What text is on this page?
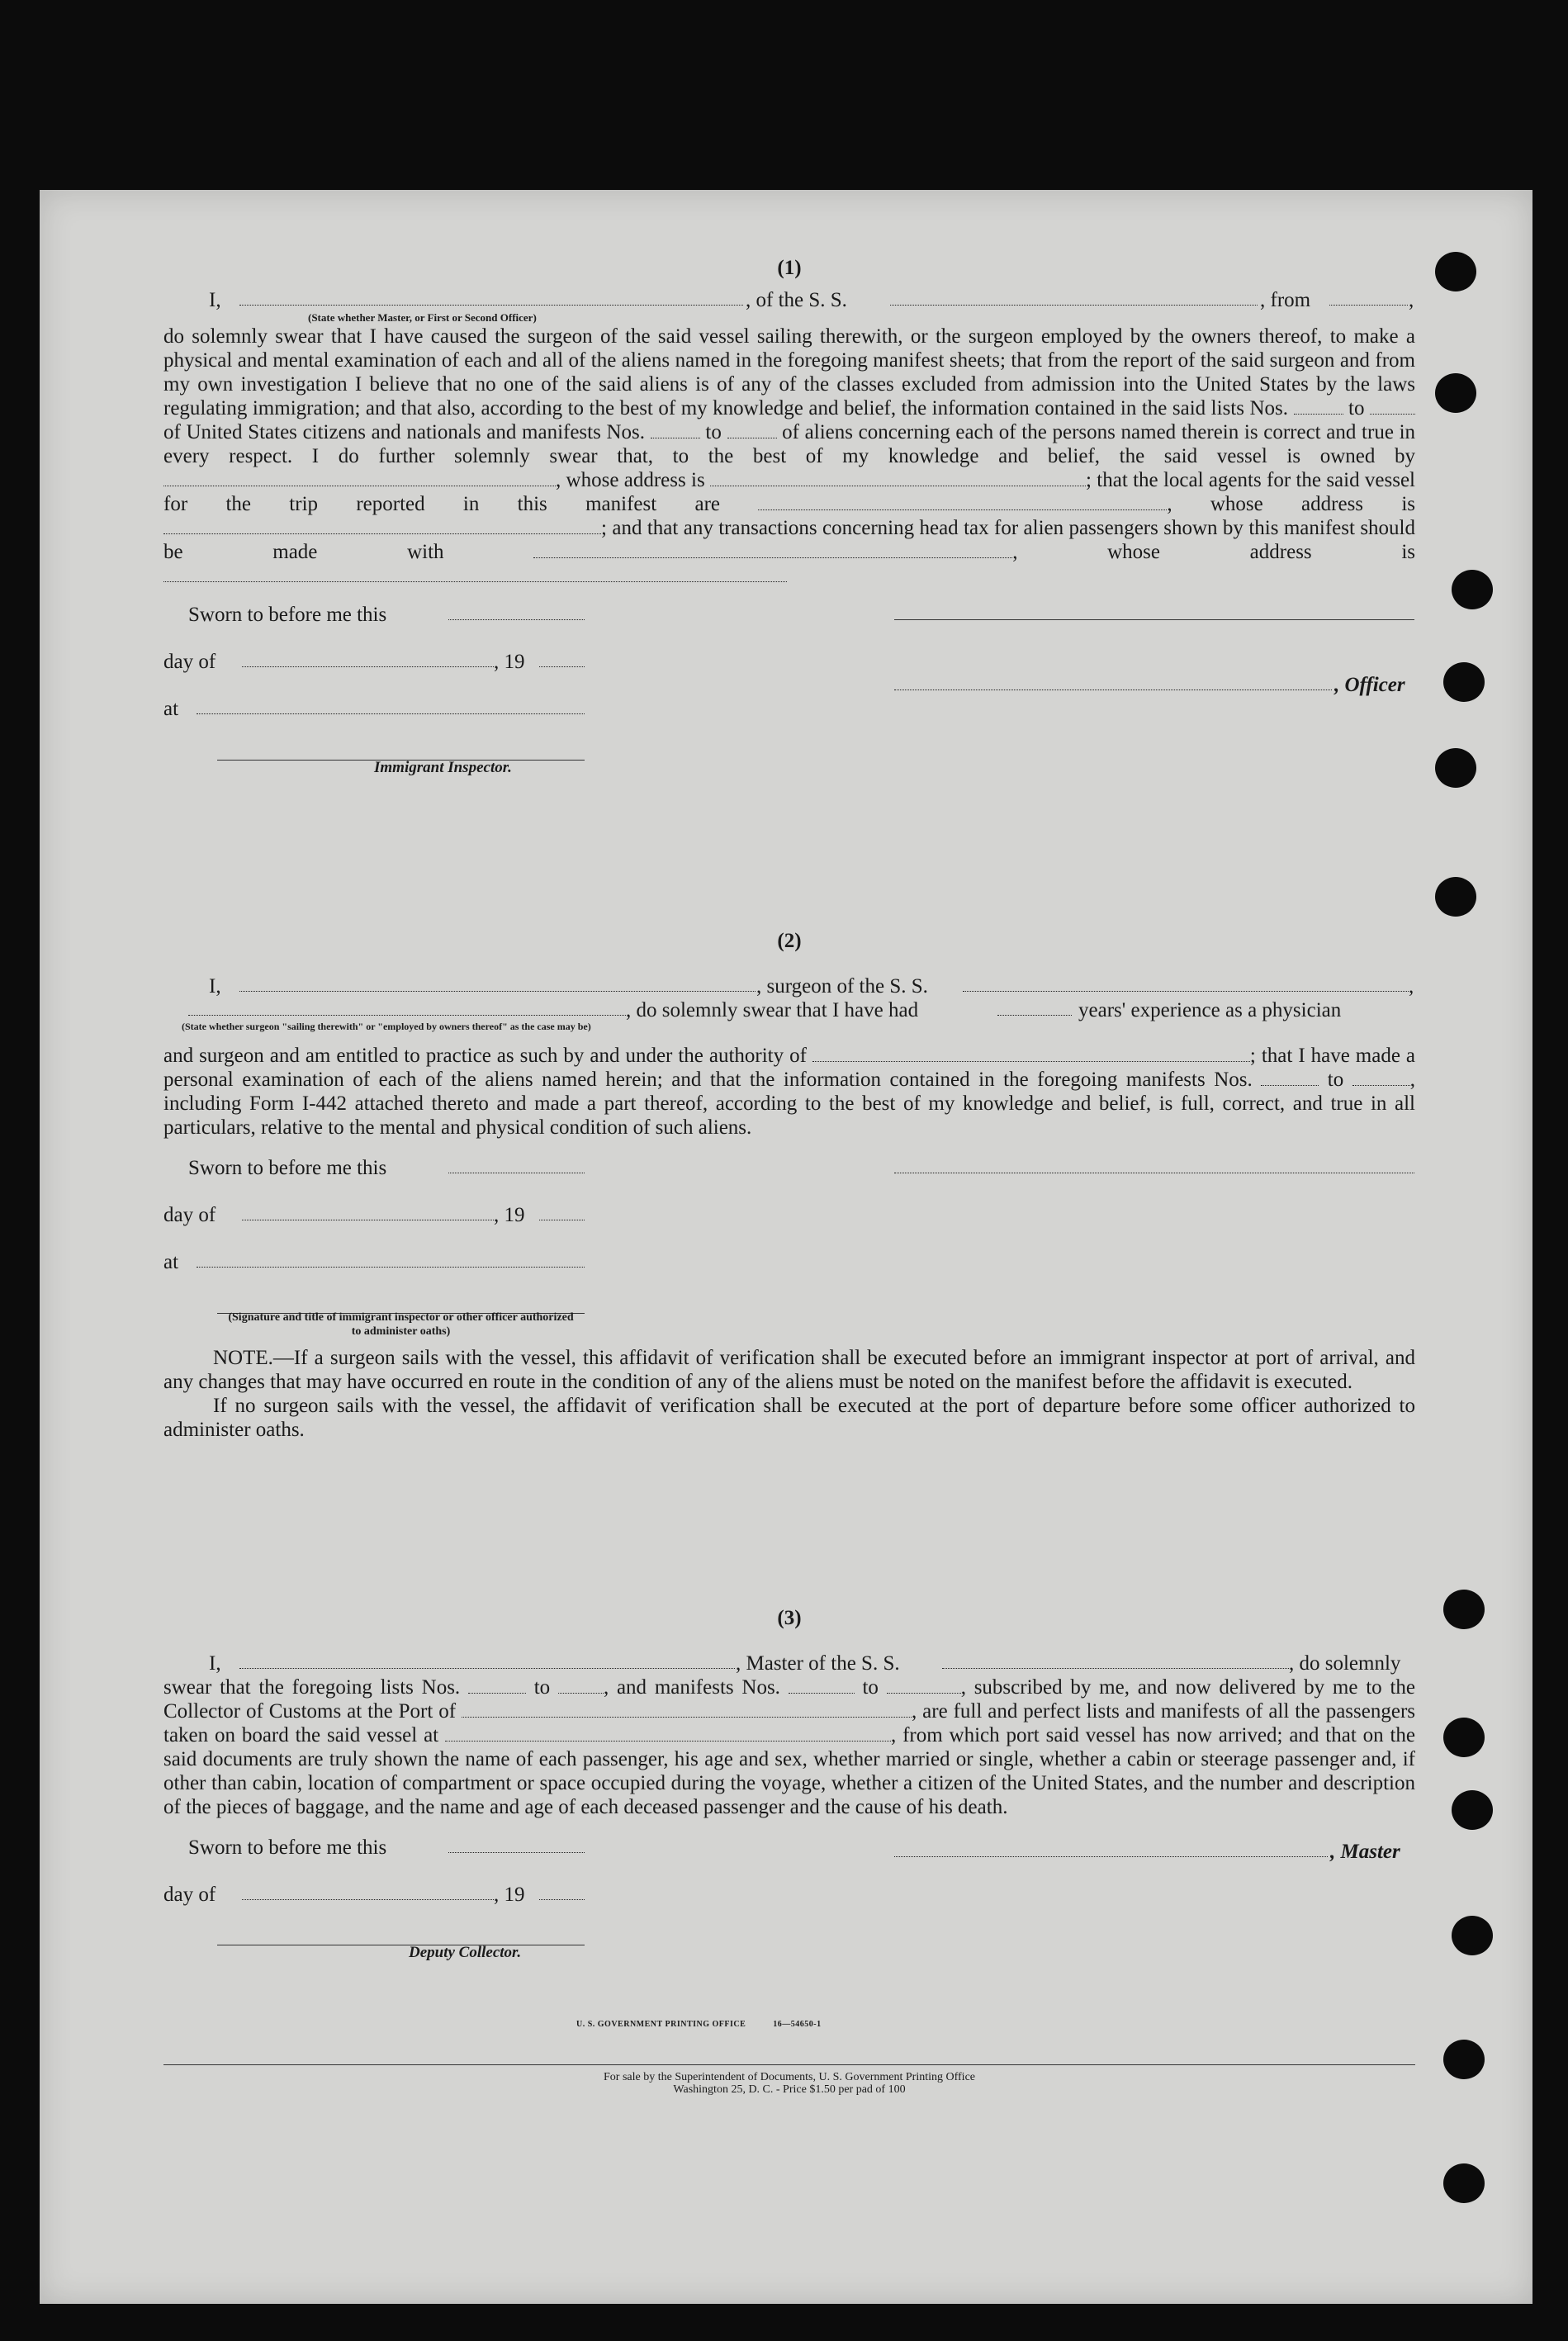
(1)

I,	, of the S. S.	, from	,
(State whether Master, or First or Second Officer)

do solemnly swear that I have caused the surgeon of the said vessel sailing therewith, or the surgeon employed by the owners thereof, to make a physical and mental examination of each and all of the aliens named in the foregoing manifest sheets; that from the report of the said surgeon and from my own investigation I believe that no one of the said aliens is of any of the classes excluded from admission into the United States by the laws regulating immigration; and that also, according to the best of my knowledge and belief, the information contained in the said lists Nos.	to  of United States citizens and nationals and manifests Nos.	to	of aliens concerning each of the persons named therein is correct and true in every respect. I do further solemnly swear that, to the best of my knowledge and belief, the said vessel is owned by , whose address is	; that the local agents for the said vessel for the trip reported in this manifest are	, whose address is ; and that any transactions concerning head tax for alien passengers shown by this manifest should be made with	, whose address is

Sworn to before me this
day of	, 19
, Officer
at
Immigrant Inspector.

(2)

I,	, surgeon of the S. S.	,
, do solemnly swear that I have had	years' experience as a physician
(State whether surgeon "sailing therewith" or "employed by owners thereof" as the case may be)

and surgeon and am entitled to practice as such by and under the authority of	; that I have made a personal examination of each of the aliens named herein; and that the information contained in the foregoing manifests Nos.	to	, including Form I-442 attached thereto and made a part thereof, according to the best of my knowledge and belief, is full, correct, and true in all particulars, relative to the mental and physical condition of such aliens.

Sworn to before me this
day of	, 19
at
(Signature and title of immigrant inspector or other officer authorized to administer oaths)

NOTE.—If a surgeon sails with the vessel, this affidavit of verification shall be executed before an immigrant inspector at port of arrival, and any changes that may have occurred en route in the condition of any of the aliens must be noted on the manifest before the affidavit is executed.

If no surgeon sails with the vessel, the affidavit of verification shall be executed at the port of departure before some officer authorized to administer oaths.

(3)

I,	, Master of the S. S.	, do solemnly

swear that the foregoing lists Nos.	to	, and manifests Nos.	to	, subscribed by me, and now delivered by me to the Collector of Customs at the Port of	, are full and perfect lists and manifests of all the passengers taken on board the said vessel at	, from which port said vessel has now arrived; and that on the said documents are truly shown the name of each passenger, his age and sex, whether married or single, whether a cabin or steerage passenger and, if other than cabin, location of compartment or space occupied during the voyage, whether a citizen of the United States, and the number and description of the pieces of baggage, and the name and age of each deceased passenger and the cause of his death.

Sworn to before me this	, Master
day of	, 19
Deputy Collector.
U. S. GOVERNMENT PRINTING OFFICE	16—54650-1
For sale by the Superintendent of Documents, U. S. Government Printing Office
Washington 25, D. C. - Price $1.50 per pad of 100
